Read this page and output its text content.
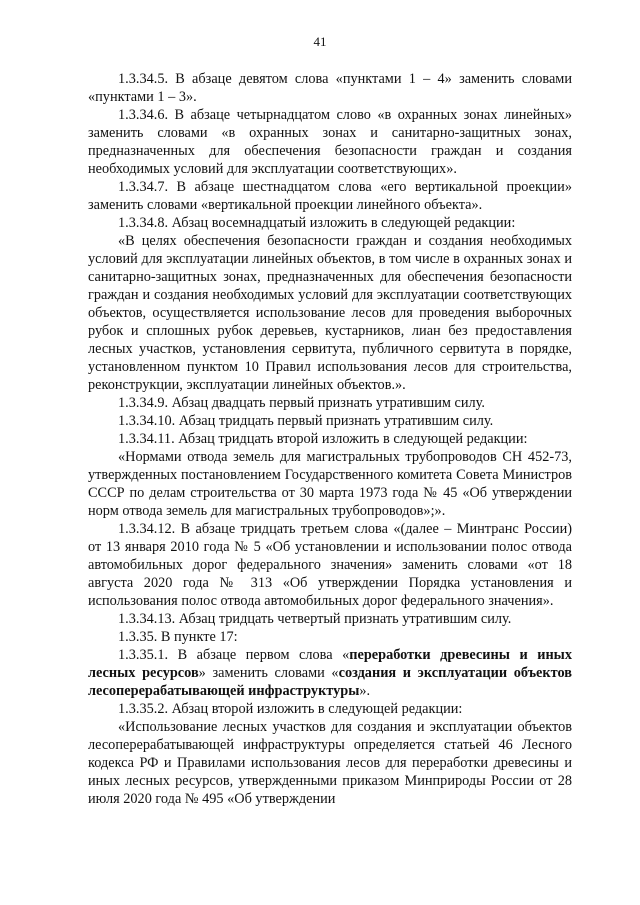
41

1.3.34.5. В абзаце девятом слова «пунктами 1 – 4» заменить словами «пунктами 1 – 3».

1.3.34.6. В абзаце четырнадцатом слово «в охранных зонах линейных» заменить словами «в охранных зонах и санитарно-защитных зонах, предназначенных для обеспечения безопасности граждан и создания необходимых условий для эксплуатации соответствующих».

1.3.34.7. В абзаце шестнадцатом слова «его вертикальной проекции» заменить словами «вертикальной проекции линейного объекта».

1.3.34.8. Абзац восемнадцатый изложить в следующей редакции:

«В целях обеспечения безопасности граждан и создания необходимых условий для эксплуатации линейных объектов, в том числе в охранных зонах и санитарно-защитных зонах, предназначенных для обеспечения безопасности граждан и создания необходимых условий для эксплуатации соответствующих объектов, осуществляется использование лесов для проведения выборочных рубок и сплошных рубок деревьев, кустарников, лиан без предоставления лесных участков, установления сервитута, публичного сервитута в порядке, установленном пунктом 10 Правил использования лесов для строительства, реконструкции, эксплуатации линейных объектов.».

1.3.34.9. Абзац двадцать первый признать утратившим силу.

1.3.34.10. Абзац тридцать первый признать утратившим силу.

1.3.34.11. Абзац тридцать второй изложить в следующей редакции:

«Нормами отвода земель для магистральных трубопроводов СН 452-73, утвержденных постановлением Государственного комитета Совета Министров СССР по делам строительства от 30 марта 1973 года № 45 «Об утверждении норм отвода земель для магистральных трубопроводов»;».

1.3.34.12. В абзаце тридцать третьем слова «(далее – Минтранс России) от 13 января 2010 года № 5 «Об установлении и использовании полос отвода автомобильных дорог федерального значения» заменить словами «от 18 августа 2020 года № 313 «Об утверждении Порядка установления и использования полос отвода автомобильных дорог федерального значения».

1.3.34.13. Абзац тридцать четвертый признать утратившим силу.

1.3.35. В пункте 17:

1.3.35.1. В абзаце первом слова «переработки древесины и иных лесных ресурсов» заменить словами «создания и эксплуатации объектов лесоперерабатывающей инфраструктуры».

1.3.35.2. Абзац второй изложить в следующей редакции:

«Использование лесных участков для создания и эксплуатации объектов лесоперерабатывающей инфраструктуры определяется статьей 46 Лесного кодекса РФ и Правилами использования лесов для переработки древесины и иных лесных ресурсов, утвержденными приказом Минприроды России от 28 июля 2020 года № 495 «Об утверждении
